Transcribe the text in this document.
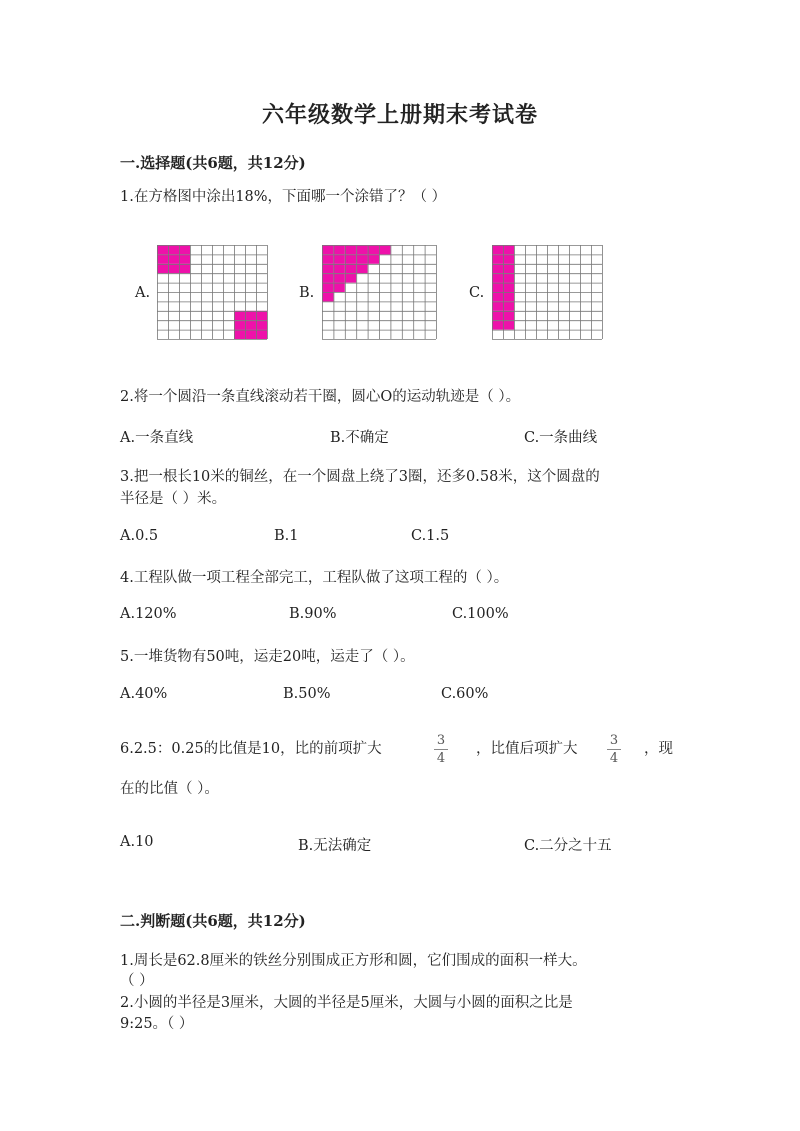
六年级数学上册期末考试卷
一.选择题(共6题，共12分)
1.在方格图中涂出18%，下面哪一个涂错了？（ ）
A.	B.	C.
2.将一个圆沿一条直线滚动若干圈，圆心O的运动轨迹是（ ）。
A.一条直线	B.不确定	C.一条曲线
3.把一根长10米的铜丝，在一个圆盘上绕了3圈，还多0.58米，这个圆盘的
半径是（ ）米。
A.0.5	B.1	C.1.5
4.工程队做一项工程全部完工，工程队做了这项工程的（ ）。
A.120%	B.90%	C.100%
5.一堆货物有50吨，运走20吨，运走了（ ）。
A.40%	B.50%	C.60%
6.2.5：0.25的比值是10，比的前项扩大
3
4
，比值后项扩大
3
4
，现
在的比值（ ）。
A.10	B.无法确定	C.二分之十五
二.判断题(共6题，共12分)
1.周长是62.8厘米的铁丝分别围成正方形和圆，它们围成的面积一样大。
（ ）
2.小圆的半径是3厘米，大圆的半径是5厘米，大圆与小圆的面积之比是
9:25。（ ）
